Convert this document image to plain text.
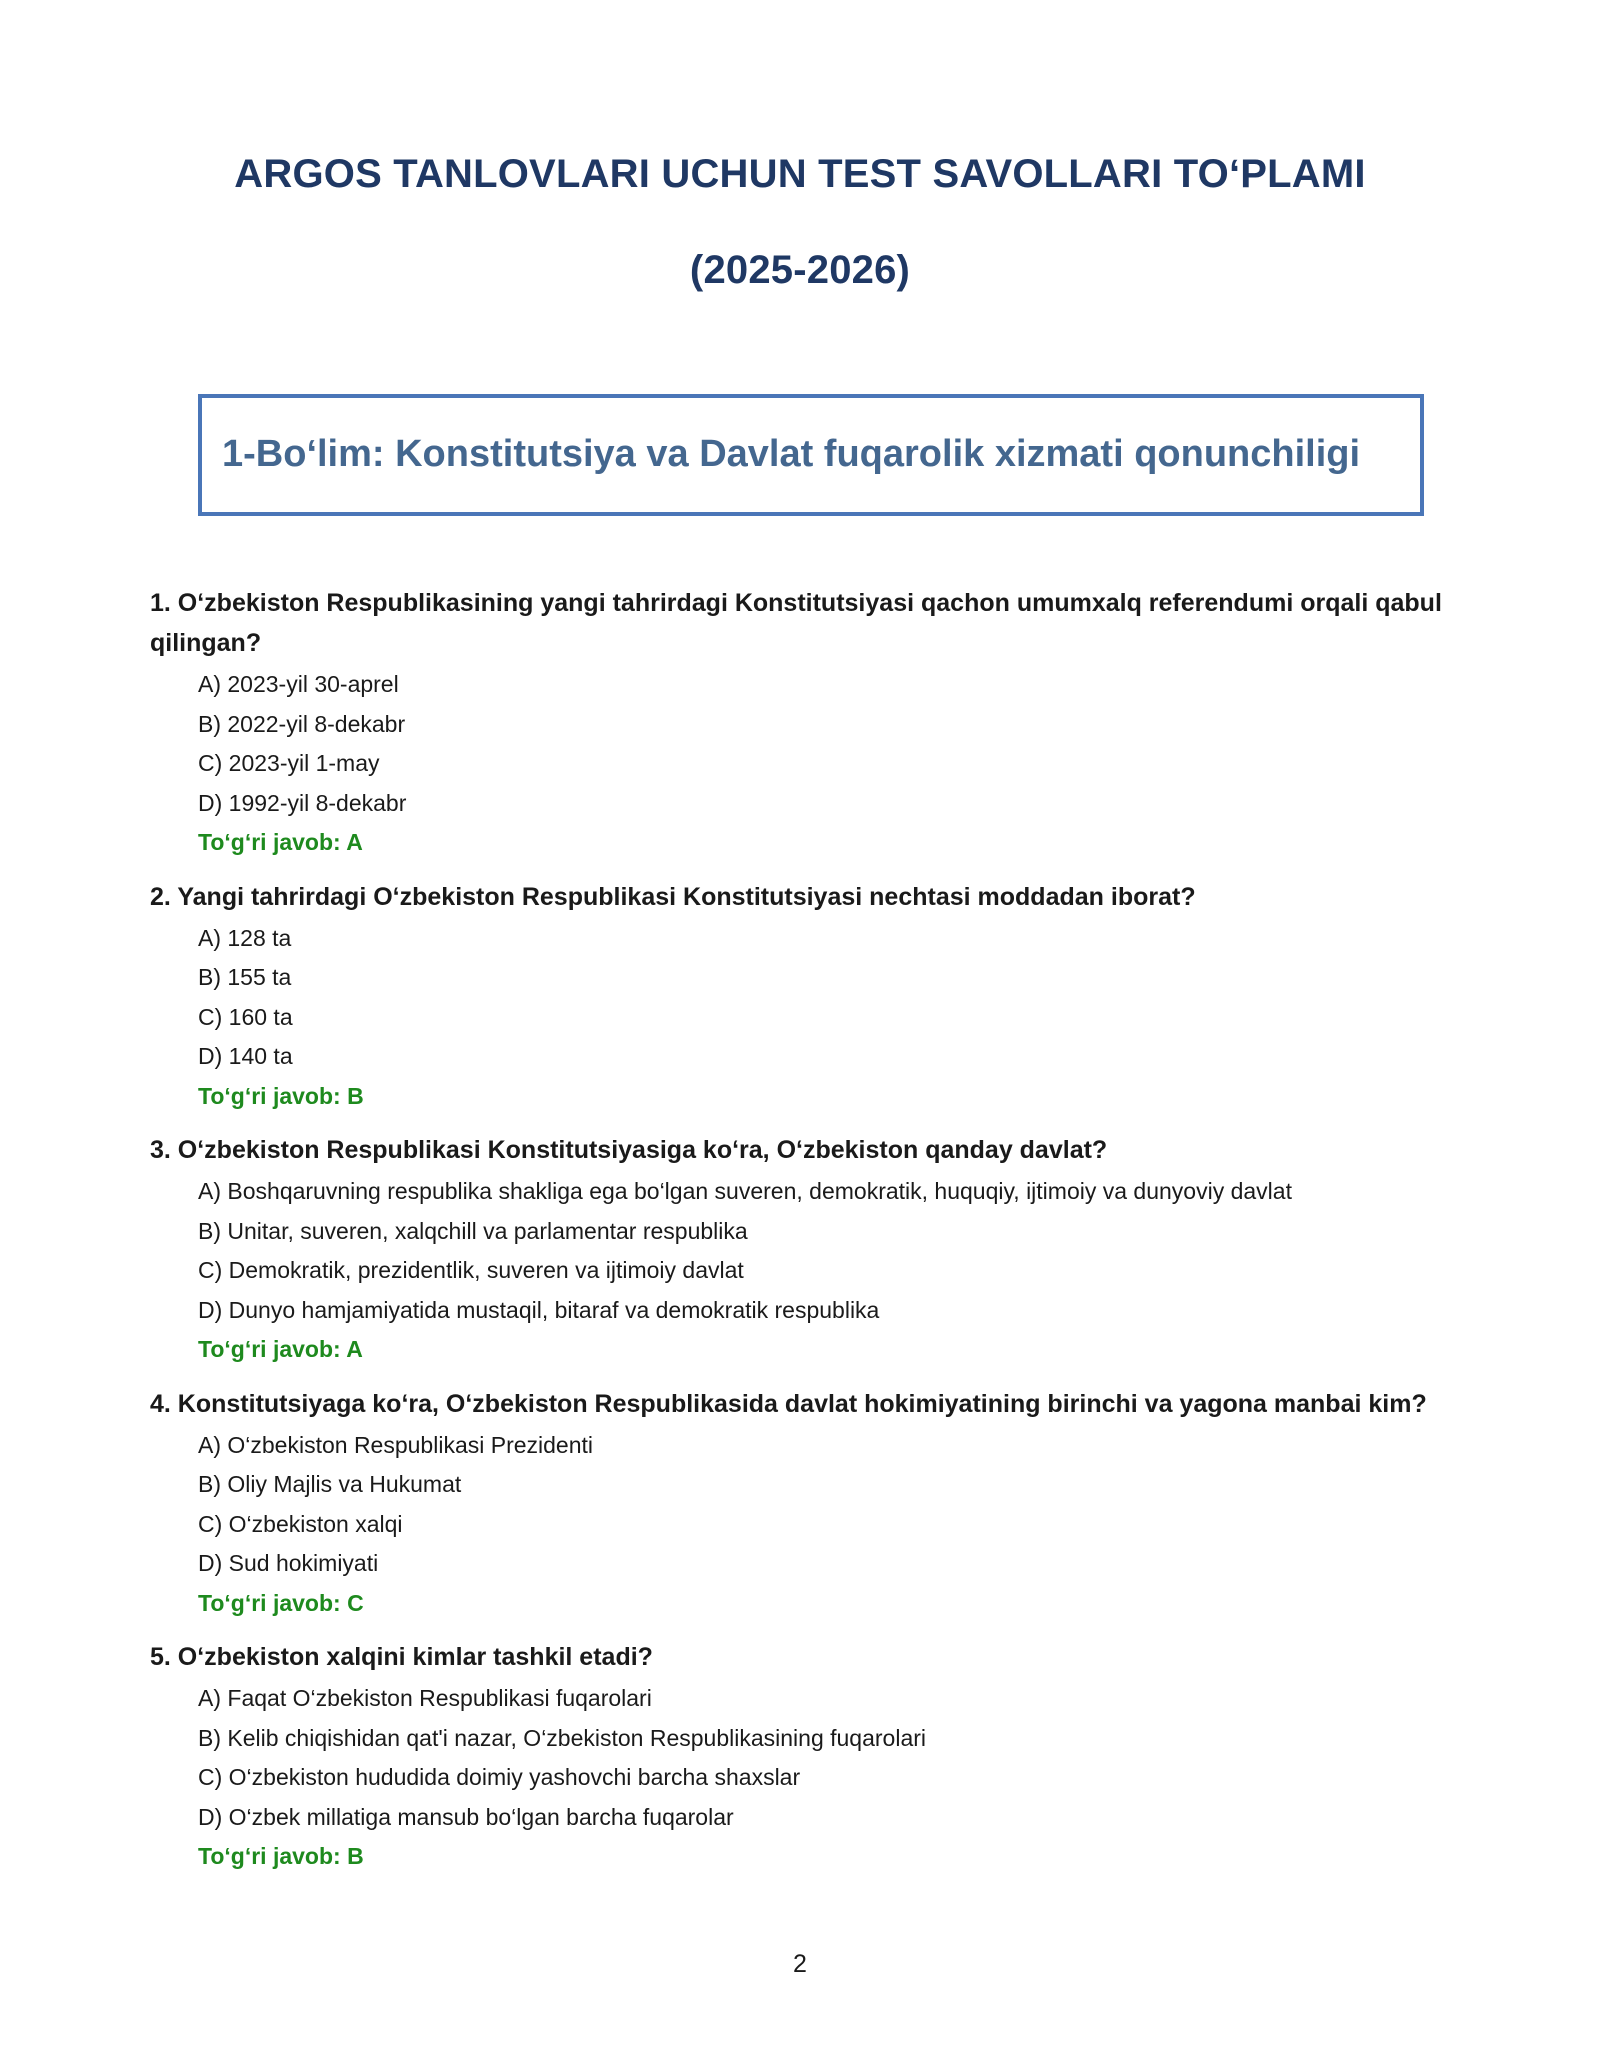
ARGOS TANLOVLARI UCHUN TEST SAVOLLARI TO‘PLAMI
(2025-2026)
1-Bo‘lim: Konstitutsiya va Davlat fuqarolik xizmati qonunchiligi
1. O‘zbekiston Respublikasining yangi tahrirdagi Konstitutsiyasi qachon umumxalq referendumi orqali qabul qilingan?
A) 2023-yil 30-aprel
B) 2022-yil 8-dekabr
C) 2023-yil 1-may
D) 1992-yil 8-dekabr
To‘g‘ri javob: A
2. Yangi tahrirdagi O‘zbekiston Respublikasi Konstitutsiyasi nechtasi moddadan iborat?
A) 128 ta
B) 155 ta
C) 160 ta
D) 140 ta
To‘g‘ri javob: B
3. O‘zbekiston Respublikasi Konstitutsiyasiga ko‘ra, O‘zbekiston qanday davlat?
A) Boshqaruvning respublika shakliga ega bo‘lgan suveren, demokratik, huquqiy, ijtimoiy va dunyoviy davlat
B) Unitar, suveren, xalqchill va parlamentar respublika
C) Demokratik, prezidentlik, suveren va ijtimoiy davlat
D) Dunyo hamjamiyatida mustaqil, bitaraf va demokratik respublika
To‘g‘ri javob: A
4. Konstitutsiyaga ko‘ra, O‘zbekiston Respublikasida davlat hokimiyatining birinchi va yagona manbai kim?
A) O‘zbekiston Respublikasi Prezidenti
B) Oliy Majlis va Hukumat
C) O‘zbekiston xalqi
D) Sud hokimiyati
To‘g‘ri javob: C
5. O‘zbekiston xalqini kimlar tashkil etadi?
A) Faqat O‘zbekiston Respublikasi fuqarolari
B) Kelib chiqishidan qat'i nazar, O‘zbekiston Respublikasining fuqarolari
C) O‘zbekiston hududida doimiy yashovchi barcha shaxslar
D) O‘zbek millatiga mansub bo‘lgan barcha fuqarolar
To‘g‘ri javob: B
2
